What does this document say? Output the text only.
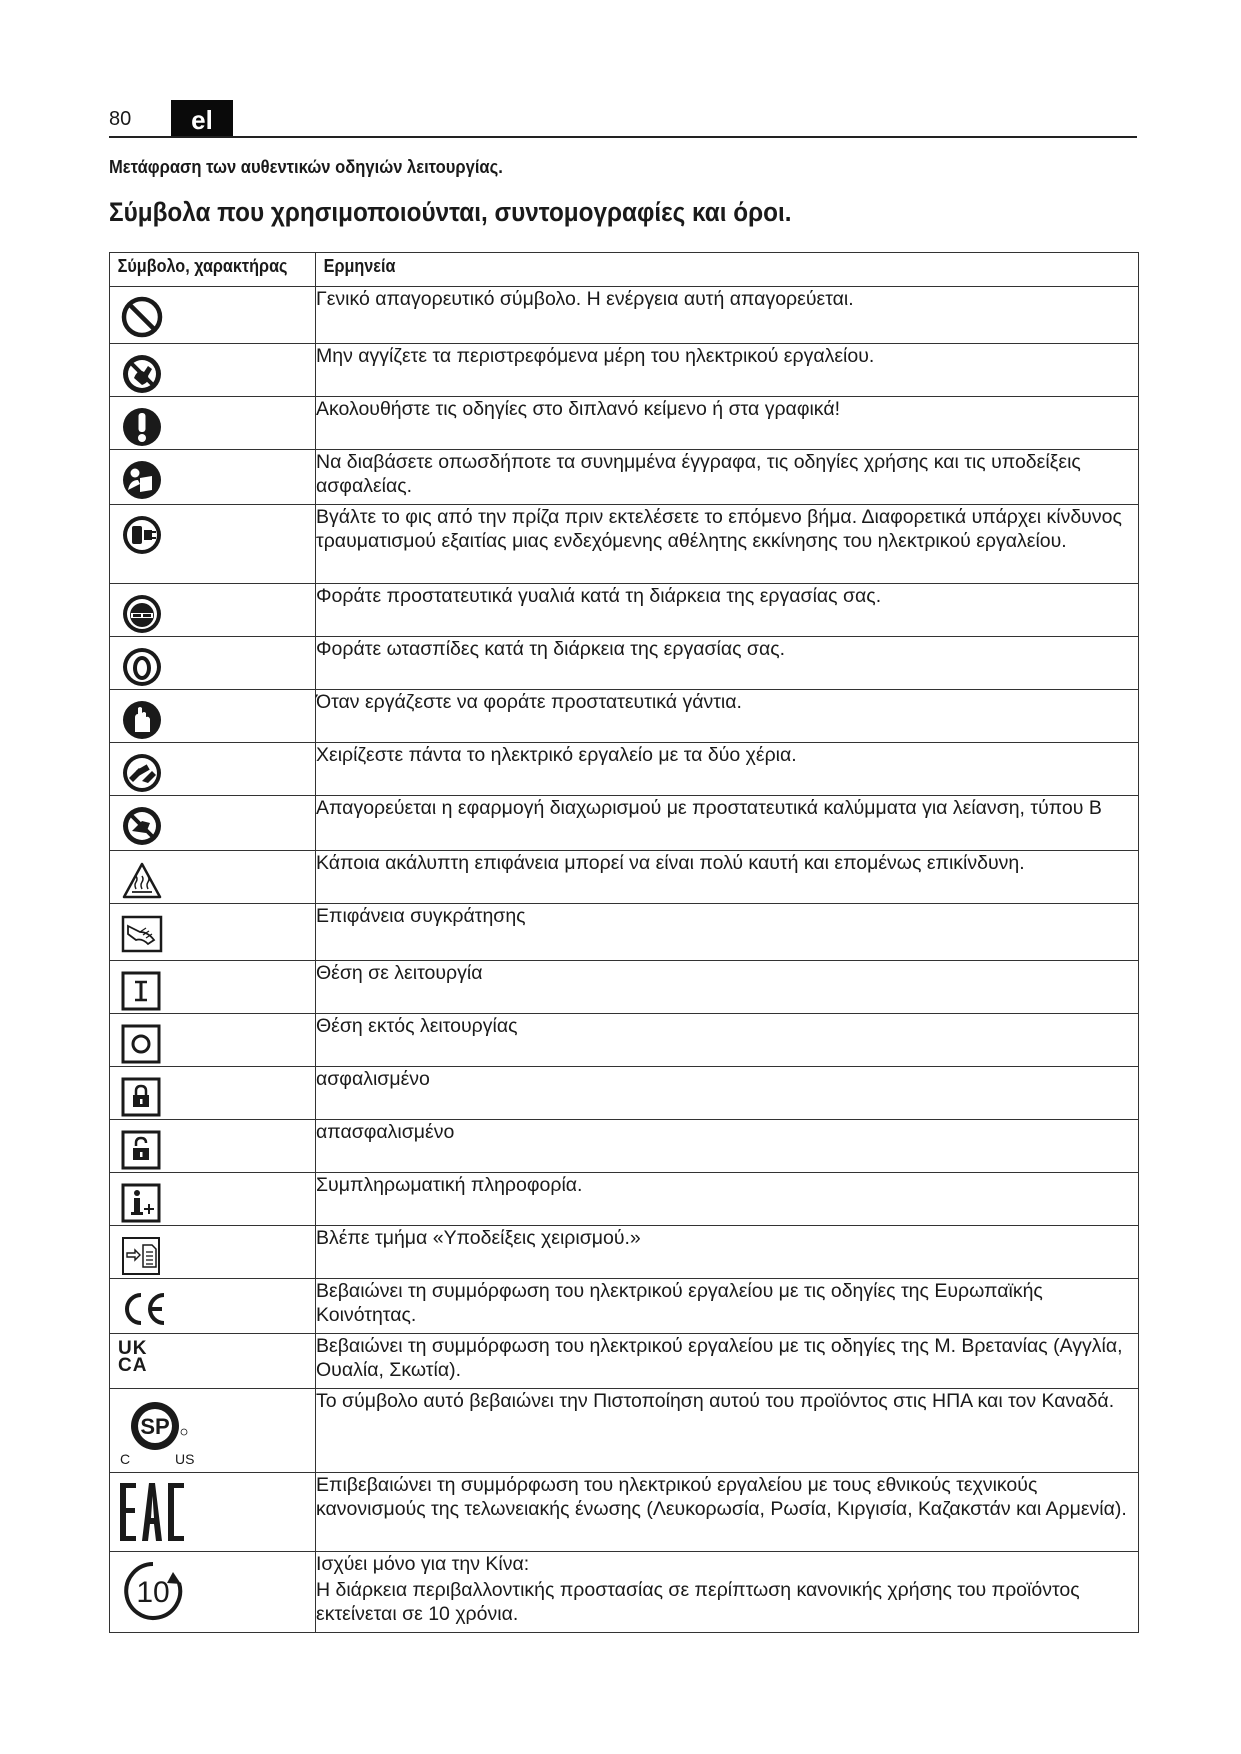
80	el
Μετάφραση των αυθεντικών οδηγιών λειτουργίας.
Σύμβολα που χρησιμοποιούνται, συντομογραφίες και όροι.
Σύμβολο, χαρακτήρας	Ερμηνεία

	Γενικό απαγορευτικό σύμβολο. Η ενέργεια αυτή απαγορεύεται.

	Μην αγγίζετε τα περιστρεφόμενα μέρη του ηλεκτρικού εργαλείου.

	Ακολουθήστε τις οδηγίες στο διπλανό κείμενο ή στα γραφικά!

	Να διαβάσετε οπωσδήποτε τα συνημμένα έγγραφα, τις οδηγίες χρήσης και τις υποδείξεις ασφαλείας.

	Βγάλτε το φις από την πρίζα πριν εκτελέσετε το επόμενο βήμα. Διαφορετικά υπάρχει κίνδυνος τραυματισμού εξαιτίας μιας ενδεχόμενης αθέλητης εκκίνησης του ηλεκτρικού εργαλείου.

	Φοράτε προστατευτικά γυαλιά κατά τη διάρκεια της εργασίας σας.

	Φοράτε ωτασπίδες κατά τη διάρκεια της εργασίας σας.

	Όταν εργάζεστε να φοράτε προστατευτικά γάντια.

	Χειρίζεστε πάντα το ηλεκτρικό εργαλείο με τα δύο χέρια.

	Απαγορεύεται η εφαρμογή διαχωρισμού με προστατευτικά καλύμματα για λείανση, τύπου Β

	Κάποια ακάλυπτη επιφάνεια μπορεί να είναι πολύ καυτή και επομένως επικίνδυνη.

	Επιφάνεια συγκράτησης

	Θέση σε λειτουργία

	Θέση εκτός λειτουργίας

	ασφαλισμένο

	απασφαλισμένο

	Συμπληρωματική πληροφορία.

	Βλέπε τμήμα «Υποδείξεις χειρισμού.»

	Βεβαιώνει τη συμμόρφωση του ηλεκτρικού εργαλείου με τις οδηγίες της Ευρωπαϊκής Κοινότητας.

UK
CA	Βεβαιώνει τη συμμόρφωση του ηλεκτρικού εργαλείου με τις οδηγίες της Μ. Βρετανίας (Αγγλία, Ουαλία, Σκωτία).

SP
C US	Το σύμβολο αυτό βεβαιώνει την Πιστοποίηση αυτού του προϊόντος στις ΗΠΑ και τον Καναδά.

	Επιβεβαιώνει τη συμμόρφωση του ηλεκτρικού εργαλείου με τους εθνικούς τεχνικούς κανονισμούς της τελωνειακής ένωσης (Λευκορωσία, Ρωσία, Κιργισία, Καζακστάν και Αρμενία).

10	Ισχύει μόνο για την Κίνα:

Η διάρκεια περιβαλλοντικής προστασίας σε περίπτωση κανονικής χρήσης του προϊόντος εκτείνεται σε 10 χρόνια.
